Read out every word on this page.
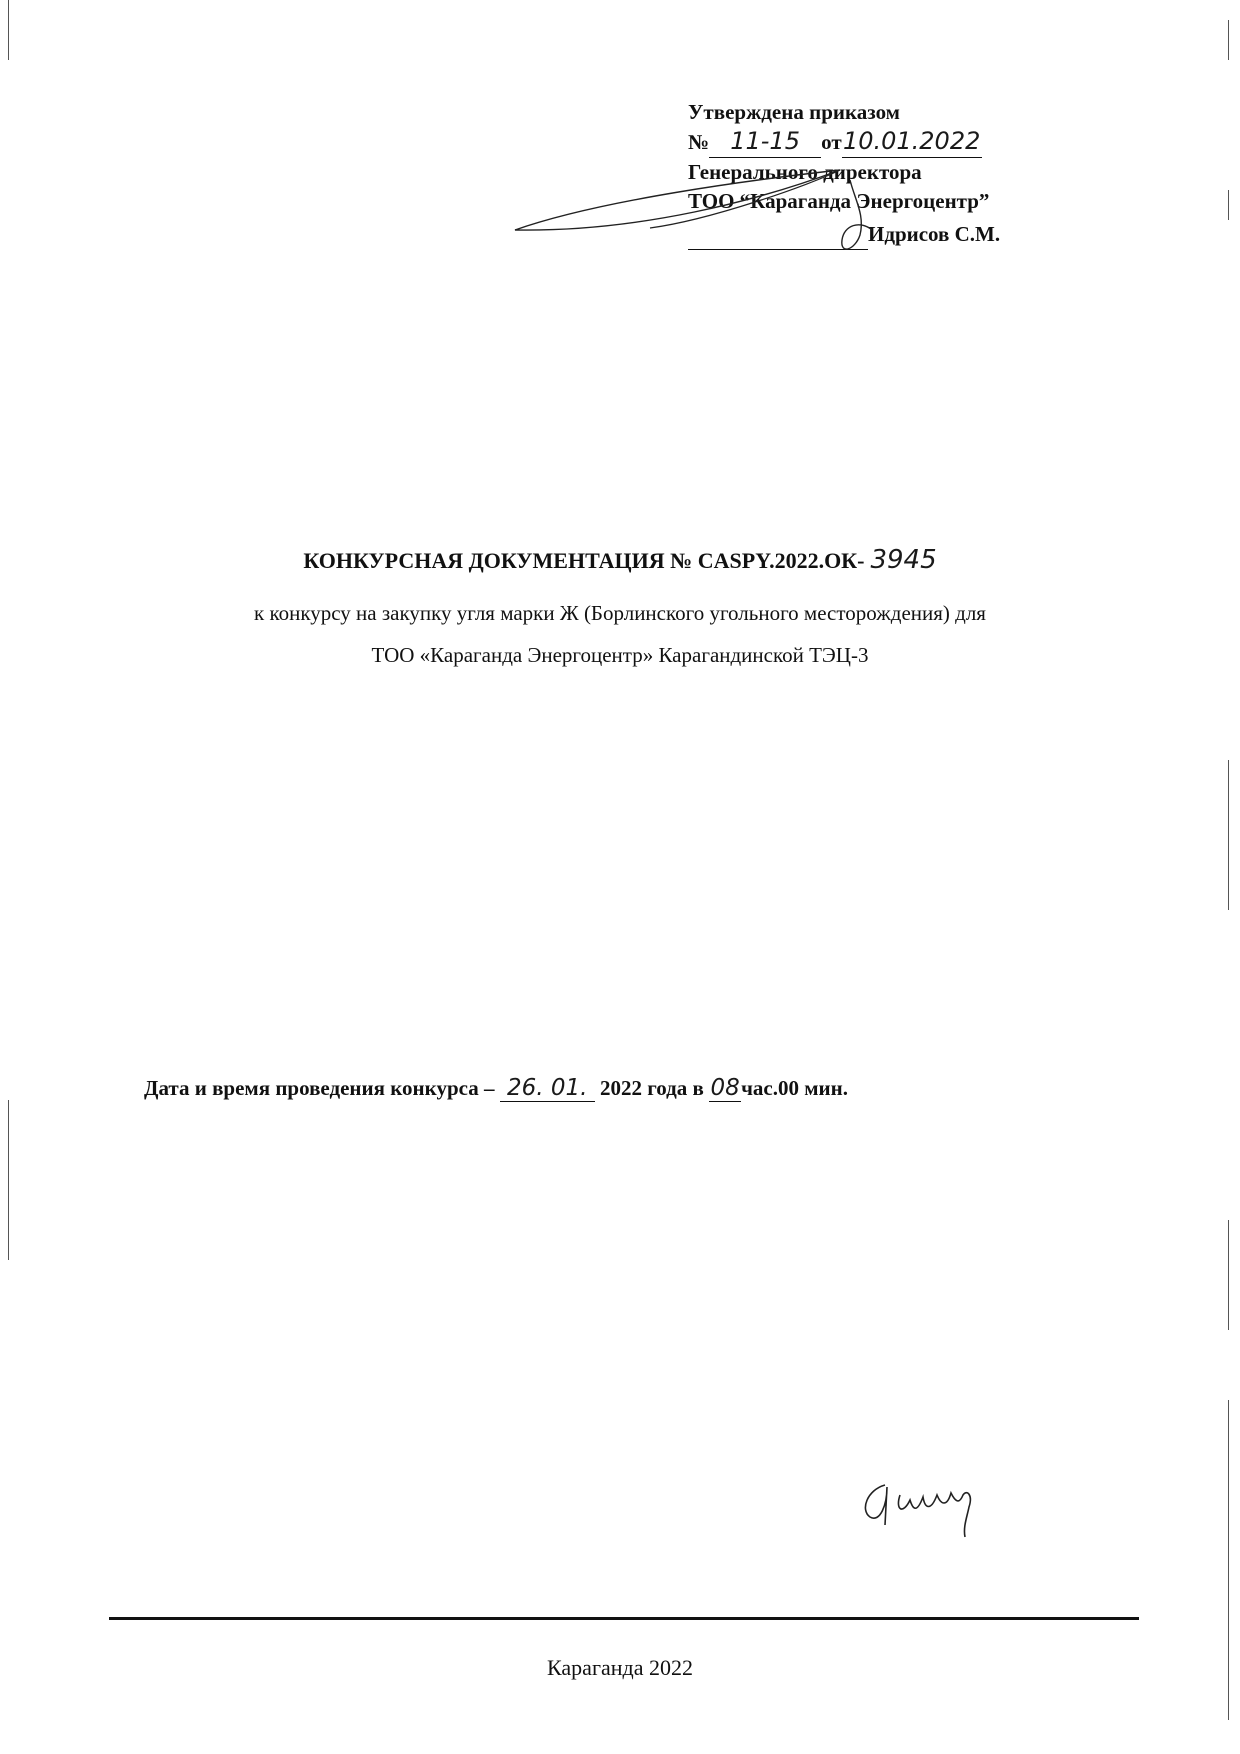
Утверждена приказом
№ 11-15 от10.01.2022
Генерального директора
ТОО “Караганда Энергоцентр”
Идрисов С.М.
КОНКУРСНАЯ ДОКУМЕНТАЦИЯ № CASPY.2022.ОК- 3945
к конкурсу на закупку угля марки Ж (Борлинского угольного месторождения) для
ТОО «Караганда Энергоцентр» Карагандинской ТЭЦ-3
Дата и время проведения конкурса – 26. 01. 2022 года в 08час.00 мин.
Караганда 2022
